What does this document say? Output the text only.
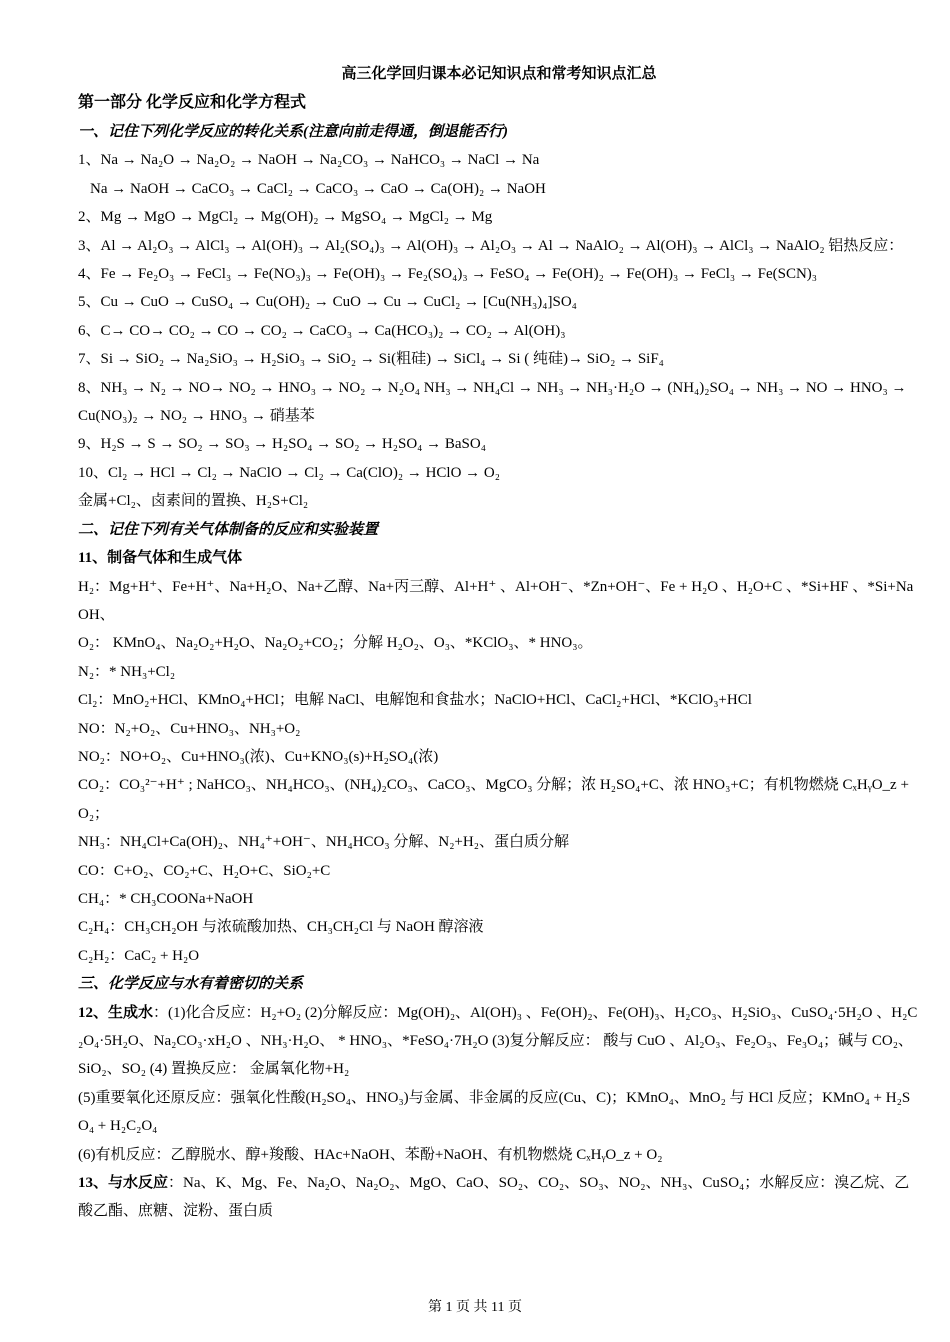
高三化学回归课本必记知识点和常考知识点汇总
第一部分 化学反应和化学方程式
一、记住下列化学反应的转化关系(注意向前走得通，倒退能否行)
1、Na → Na₂O → Na₂O₂ → NaOH → Na₂CO₃ → NaHCO₃ → NaCl → Na
Na → NaOH → CaCO₃ → CaCl₂ → CaCO₃ → CaO → Ca(OH)₂ → NaOH
2、Mg → MgO → MgCl₂ → Mg(OH)₂ → MgSO₄ → MgCl₂ → Mg
3、Al → Al₂O₃ → AlCl₃ → Al(OH)₃ → Al₂(SO₄)₃ → Al(OH)₃ → Al₂O₃ → Al → NaAlO₂ → Al(OH)₃ → AlCl₃ → NaAlO₂ 铝热反应：
4、Fe → Fe₂O₃ → FeCl₃ → Fe(NO₃)₃ → Fe(OH)₃ → Fe₂(SO₄)₃ → FeSO₄ → Fe(OH)₂ → Fe(OH)₃ → FeCl₃ → Fe(SCN)₃
5、Cu → CuO → CuSO₄ → Cu(OH)₂ → CuO → Cu → CuCl₂ → [Cu(NH₃)₄]SO₄
6、C→ CO→ CO₂ → CO → CO₂ → CaCO₃ → Ca(HCO₃)₂ → CO₂ → Al(OH)₃
7、Si → SiO₂ → Na₂SiO₃ → H₂SiO₃ → SiO₂ → Si(粗硅) → SiCl₄ → Si ( 纯硅)→ SiO₂ → SiF₄
8、NH₃ → N₂ → NO→ NO₂ → HNO₃ → NO₂ → N₂O₄ NH₃ → NH₄Cl → NH₃ → NH₃·H₂O → (NH₄)₂SO₄ → NH₃ → NO → HNO₃ → Cu(NO₃)₂ → NO₂ → HNO₃ → 硝基苯
9、H₂S → S → SO₂ → SO₃ → H₂SO₄ → SO₂ → H₂SO₄ → BaSO₄
10、Cl₂ → HCl → Cl₂ → NaClO → Cl₂ → Ca(ClO)₂ → HClO → O₂
金属+Cl₂、卤素间的置换、H₂S+Cl₂
二、记住下列有关气体制备的反应和实验装置
11、制备气体和生成气体
H₂：Mg+H⁺、Fe+H⁺、Na+H₂O、Na+乙醇、Na+丙三醇、Al+H⁺ 、Al+OH⁻、*Zn+OH⁻、Fe + H₂O 、H₂O+C 、*Si+HF 、*Si+NaOH、
O₂： KMnO₄、Na₂O₂+H₂O、Na₂O₂+CO₂；分解 H₂O₂、O₃、*KClO₃、* HNO₃。
N₂：* NH₃+Cl₂
Cl₂：MnO₂+HCl、KMnO₄+HCl；电解 NaCl、电解饱和食盐水；NaClO+HCl、CaCl₂+HCl、*KClO₃+HCl
NO：N₂+O₂、Cu+HNO₃、NH₃+O₂
NO₂：NO+O₂、Cu+HNO₃(浓)、Cu+KNO₃(s)+H₂SO₄(浓)
CO₂：CO₃²⁻+H⁺ ; NaHCO₃、NH₄HCO₃、(NH₄)₂CO₃、CaCO₃、MgCO₃ 分解；浓 H₂SO₄+C、浓 HNO₃+C；有机物燃烧 CₓHᵧO_z + O₂；
NH₃：NH₄Cl+Ca(OH)₂、NH₄⁺+OH⁻、NH₄HCO₃ 分解、N₂+H₂、蛋白质分解
CO：C+O₂、CO₂+C、H₂O+C、SiO₂+C
CH₄：* CH₃COONa+NaOH
C₂H₄：CH₃CH₂OH 与浓硫酸加热、CH₃CH₂Cl 与 NaOH 醇溶液
C₂H₂：CaC₂ + H₂O
三、化学反应与水有着密切的关系
12、生成水：(1)化合反应：H₂+O₂ (2)分解反应：Mg(OH)₂、Al(OH)₃ 、Fe(OH)₂、Fe(OH)₃、H₂CO₃、H₂SiO₃、CuSO₄·5H₂O 、H₂C₂O₄·5H₂O、Na₂CO₃·xH₂O 、NH₃·H₂O、 * HNO₃、*FeSO₄·7H₂O (3)复分解反应： 酸与 CuO 、Al₂O₃、Fe₂O₃、Fe₃O₄；碱与 CO₂、SiO₂、SO₂ (4) 置换反应： 金属氧化物+H₂
(5)重要氧化还原反应：强氧化性酸(H₂SO₄、HNO₃)与金属、非金属的反应(Cu、C)；KMnO₄、MnO₂ 与 HCl 反应；KMnO₄ + H₂SO₄ + H₂C₂O₄
(6)有机反应：乙醇脱水、醇+羧酸、HAc+NaOH、苯酚+NaOH、有机物燃烧 CₓHᵧO_z + O₂
13、与水反应：Na、K、Mg、Fe、Na₂O、Na₂O₂、MgO、CaO、SO₂、CO₂、SO₃、NO₂、NH₃、CuSO₄；水解反应：溴乙烷、乙酸乙酯、庶糖、淀粉、蛋白质
第 1 页 共 11 页
